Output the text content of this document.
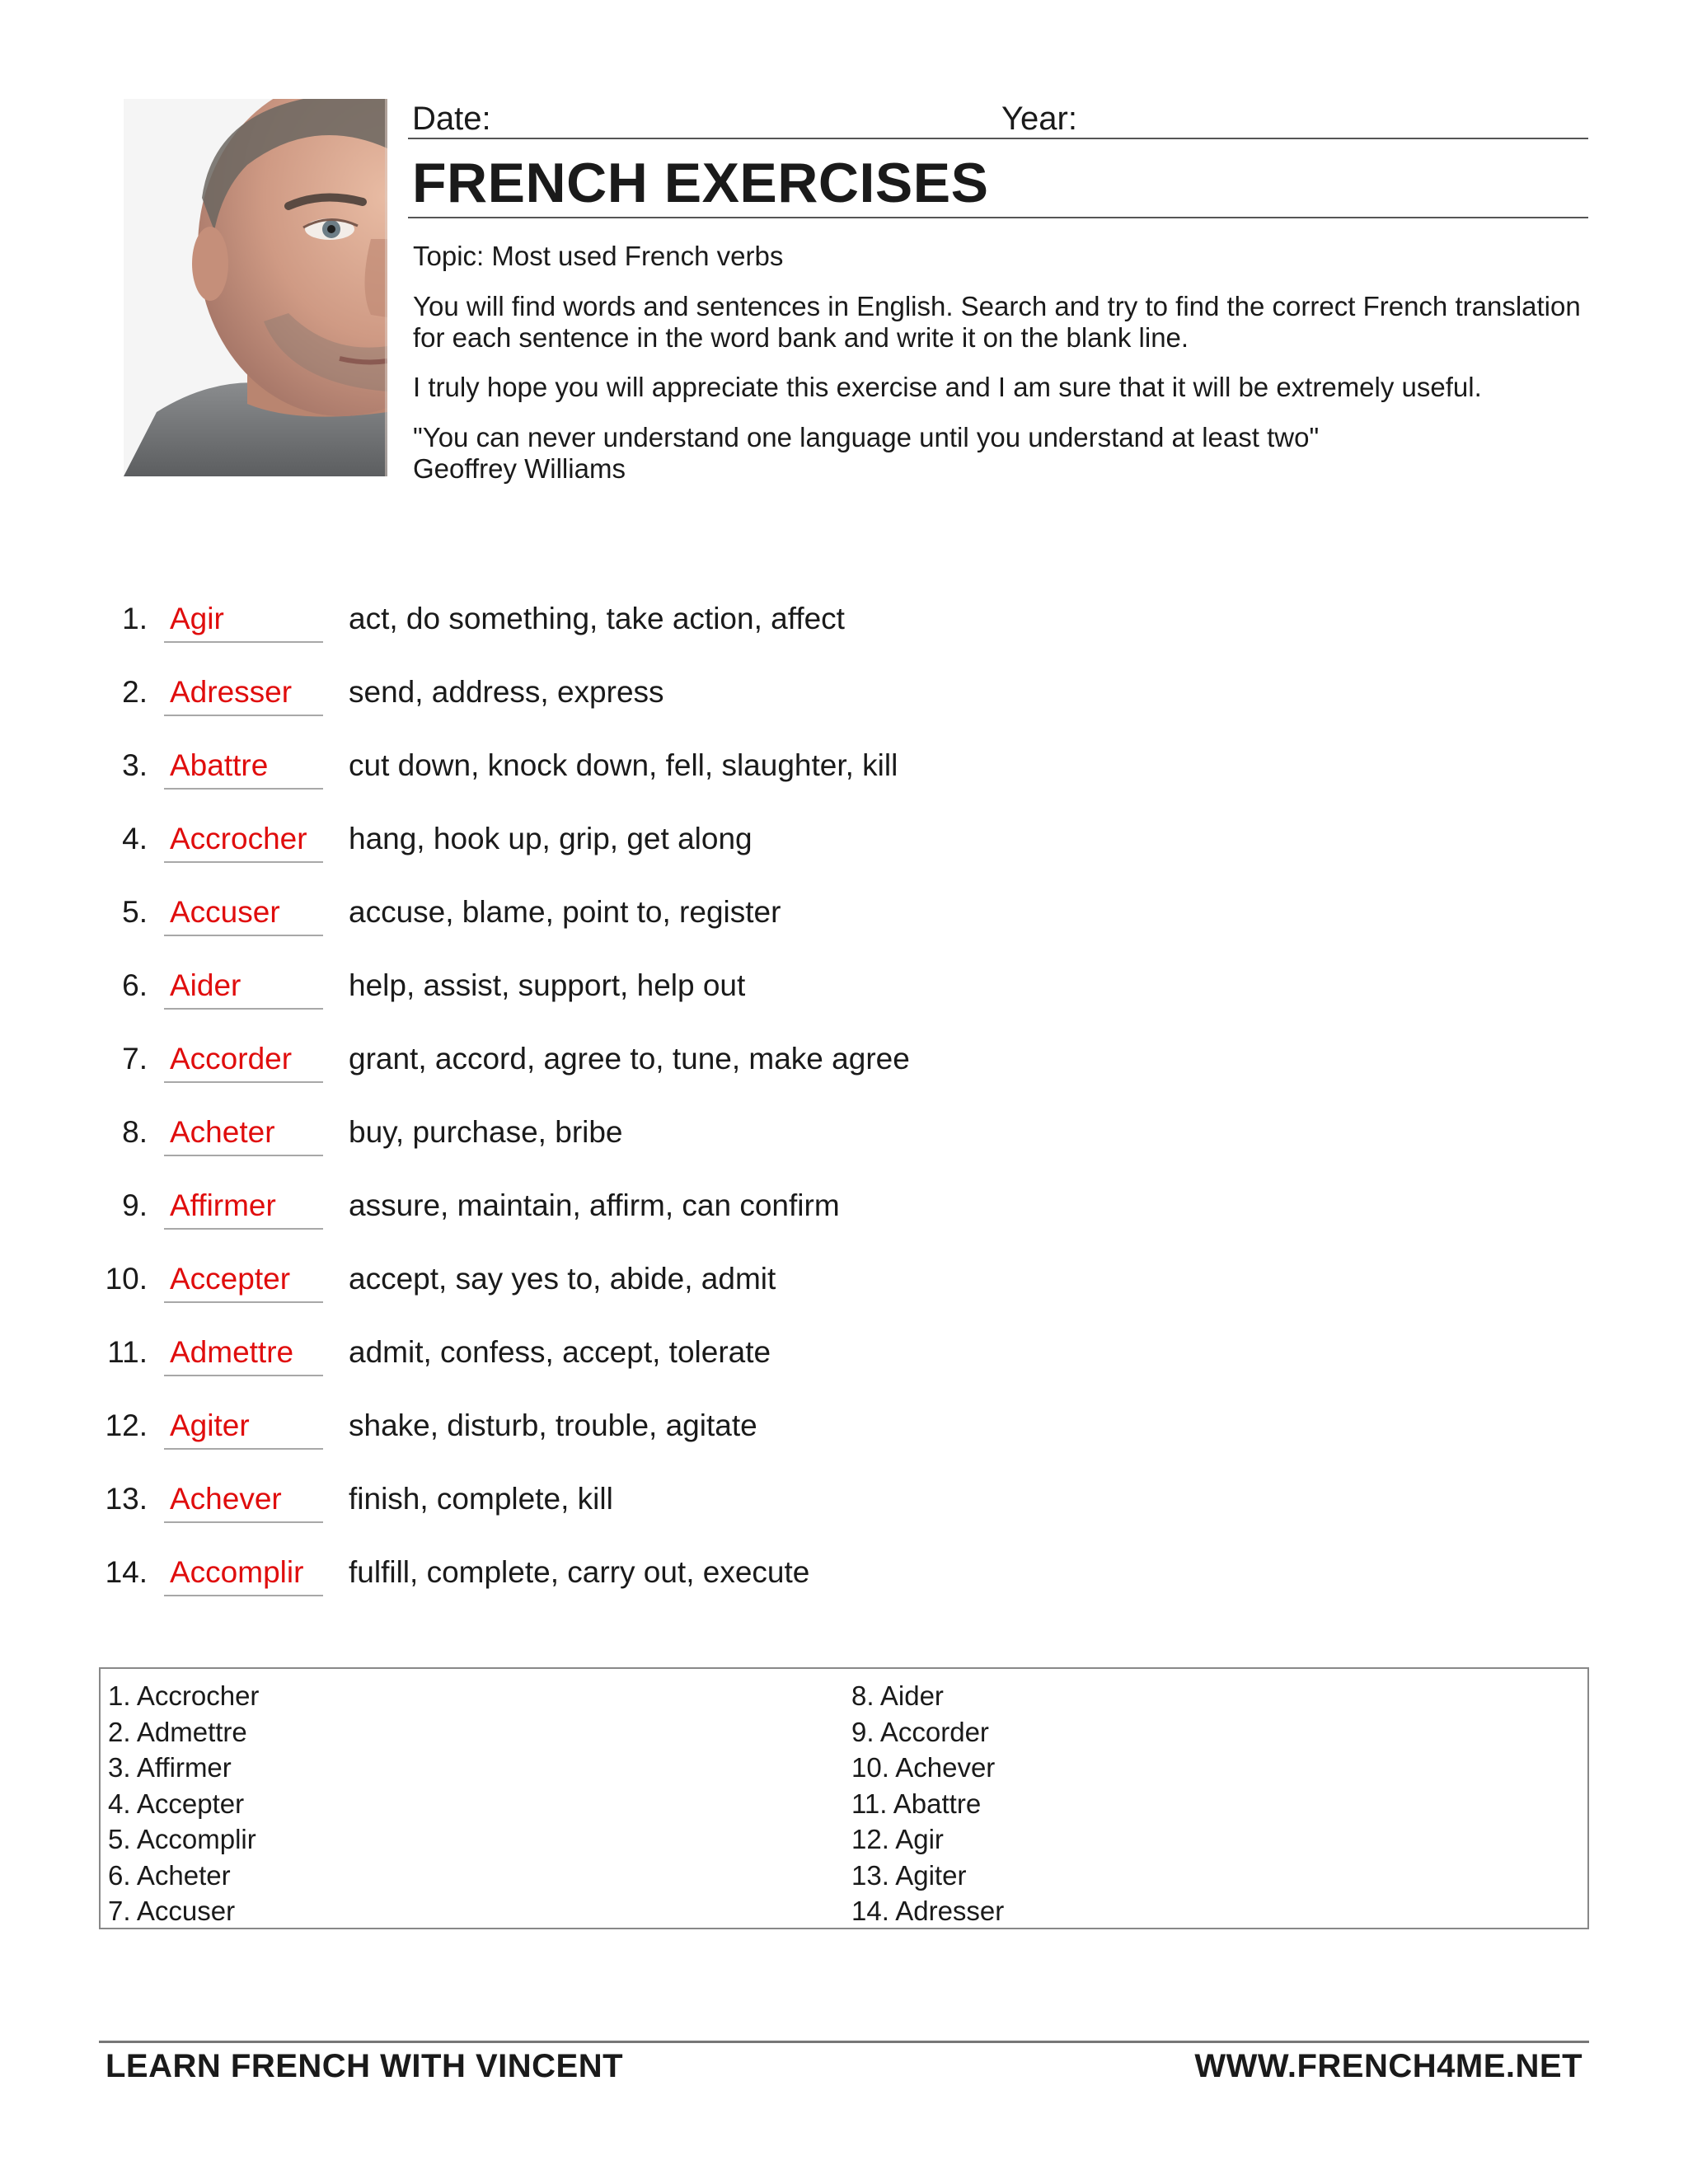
Date:	Year:
FRENCH EXERCISES
Topic: Most used French verbs
You will find words and sentences in English. Search and try to find the correct French translation for each sentence in the word bank and write it on the blank line.
I truly hope you will appreciate this exercise and I am sure that it will be extremely useful.
"You can never understand one language until you understand at least two"
Geoffrey Williams
1. Agir	act, do something, take action, affect
2. Adresser	send, address, express
3. Abattre	cut down, knock down, fell, slaughter, kill
4. Accrocher	hang, hook up, grip, get along
5. Accuser	accuse, blame, point to, register
6. Aider	help, assist, support, help out
7. Accorder	grant, accord, agree to, tune, make agree
8. Acheter	buy, purchase, bribe
9. Affirmer	assure, maintain, affirm, can confirm
10. Accepter	accept, say yes to, abide, admit
11. Admettre	admit, confess, accept, tolerate
12. Agiter	shake, disturb, trouble, agitate
13. Achever	finish, complete, kill
14. Accomplir	fulfill, complete, carry out, execute
1. Accrocher
2. Admettre
3. Affirmer
4. Accepter
5. Accomplir
6. Acheter
7. Accuser
8. Aider
9. Accorder
10. Achever
11. Abattre
12. Agir
13. Agiter
14. Adresser
LEARN FRENCH WITH VINCENT	WWW.FRENCH4ME.NET
